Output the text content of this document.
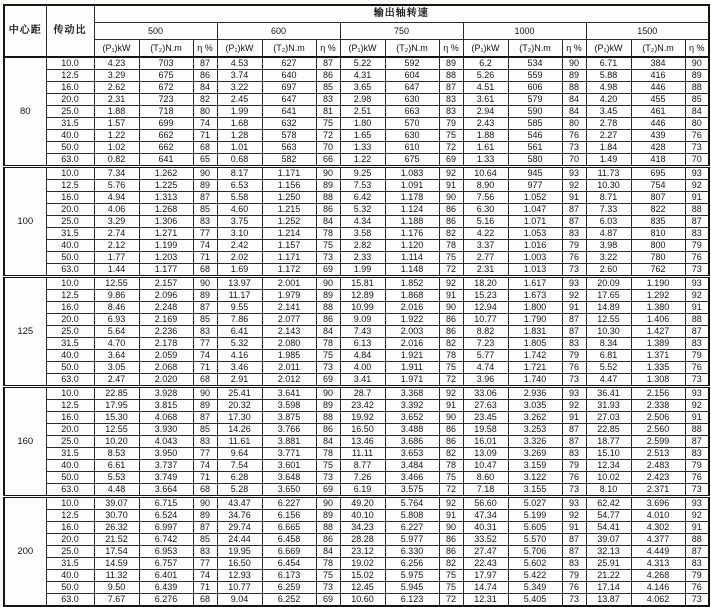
中心距	传动比	输出轴转速														
		500			600			750			1000			1500		
		(P₁)kW	(T₂)N.m	η %	(P₁)kW	(T₂)N.m	η %	(P₁)kW	(T₂)N.m	η %	(P₁)kW	(T₂)N.m	η %	(P₁)kW	(T₂)N.m	η %
80	10.0	4.23	703	87	4.53	627	87	5.22	592	89	6.2	534	90	6.71	384	90
	12.5	3.29	675	86	3.74	640	86	4.31	604	88	5.26	559	89	5.88	416	89
	16.0	2.62	672	84	3.22	697	85	3.65	647	87	4.51	606	88	4.98	446	88
	20.0	2.31	723	82	2.45	647	83	2.98	630	83	3.61	579	84	4.20	455	85
	25.0	1.88	718	80	1.99	641	81	2.51	663	83	2.94	590	84	3.45	461	84
	31.5	1.57	699	74	1.68	632	75	1.80	570	79	2.43	585	80	2.78	446	80
	40.0	1.22	662	71	1.28	578	72	1.65	630	75	1.88	546	76	2.27	439	76
	50.0	1.02	662	68	1.01	563	70	1.33	610	72	1.61	561	73	1.84	428	73
	63.0	0.82	641	65	0.68	582	66	1.22	675	69	1.33	580	70	1.49	418	70
100	10.0	7.34	1.262	90	8.17	1.171	90	9.25	1.083	92	10.64	945	93	11.73	695	93
	12.5	5.76	1.225	89	6.53	1.156	89	7.53	1.091	91	8.90	977	92	10.30	754	92
	16.0	4.94	1.313	87	5.58	1.250	88	6.42	1.178	90	7.56	1.052	91	8.71	807	91
	20.0	4.06	1.268	85	4.60	1.215	86	5.32	1.124	86	6.30	1.047	87	7.33	822	88
	25.0	3.29	1.306	83	3.75	1.252	84	4.34	1.188	86	5.16	1.071	87	6.03	835	87
	31.5	2.74	1.271	77	3.10	1.214	78	3.58	1.176	82	4.22	1.053	83	4.87	810	83
	40.0	2.12	1.199	74	2.42	1.157	75	2.82	1.120	78	3.37	1.016	79	3.98	800	79
	50.0	1.77	1.203	71	2.02	1.171	73	2.33	1.114	75	2.77	1.003	76	3.22	780	76
	63.0	1.44	1.177	68	1.69	1.172	69	1.99	1.148	72	2.31	1.013	73	2.60	762	73
125	10.0	12.55	2.157	90	13.97	2.001	90	15.81	1.852	92	18.20	1.617	93	20.09	1.190	93
	12.5	9.86	2.096	89	11.17	1.979	89	12.89	1.868	91	15.23	1.673	92	17.65	1.292	92
	16.0	8.46	2.248	87	9.55	2.141	88	10.99	2.016	90	12.94	1.800	91	14.89	1.380	91
	20.0	6.93	2.169	85	7.86	2.077	86	9.09	1.922	86	10.77	1.790	87	12.55	1.406	88
	25.0	5.64	2.236	83	6.41	2.143	84	7.43	2.003	86	8.82	1.831	87	10.30	1.427	87
	31.5	4.70	2.178	77	5.32	2.080	78	6.13	2.016	82	7.23	1.805	83	8.34	1.389	83
	40.0	3.64	2.059	74	4.16	1.985	75	4.84	1.921	78	5.77	1.742	79	6.81	1.371	79
	50.0	3.05	2.068	71	3.46	2.011	73	4.00	1.911	75	4.74	1.721	76	5.52	1.335	76
	63.0	2.47	2.020	68	2.91	2.012	69	3.41	1.971	72	3.96	1.740	73	4.47	1.308	73
160	10.0	22.85	3.928	90	25.41	3.641	90	28.7	3.368	92	33.06	2.936	93	36.41	2.156	93
	12.5	17.95	3.815	89	20.32	3.598	89	23.42	3.392	91	27.63	3.035	92	31.93	2.338	92
	16.0	15.30	4.068	87	17.30	3.875	88	19.92	3.652	90	23.45	3.262	91	27.03	2.506	91
	20.0	12.55	3.930	85	14.26	3.766	86	16.50	3.488	86	19.58	3.253	87	22.85	2.560	88
	25.0	10.20	4.043	83	11.61	3.881	84	13.46	3.686	86	16.01	3.326	87	18.77	2.599	87
	31.5	8.53	3.950	77	9.64	3.771	78	11.11	3.653	82	13.09	3.269	83	15.10	2.513	83
	40.0	6.61	3.737	74	7.54	3.601	75	8.77	3.484	78	10.47	3.159	79	12.34	2.483	79
	50.0	5.53	3.749	71	6.28	3.648	73	7.26	3.466	75	8.60	3.122	76	10.02	2.423	76
	63.0	4.48	3.664	68	5.28	3.650	69	6.19	3.575	72	7.18	3.155	73	8.10	2.371	73
200	10.0	39.07	6.715	90	43.47	6.227	90	49.20	5.764	92	56.60	5.027	93	62.42	3.696	93
	12.5	30.70	6.524	89	34.76	6.156	89	40.10	5.808	91	47.34	5.199	92	54.77	4.010	92
	16.0	26.32	6.997	87	29.74	6.665	88	34.23	6.227	90	40.31	5.605	91	54.41	4.302	91
	20.0	21.52	6.742	85	24.44	6.458	86	28.28	5.977	86	33.52	5.570	87	39.07	4.377	88
	25.0	17.54	6.953	83	19.95	6.669	84	23.12	6.330	86	27.47	5.706	87	32.13	4.449	87
	31.5	14.59	6.757	77	16.50	6.454	78	19.02	6.256	82	22.43	5.602	83	25.91	4.313	83
	40.0	11.32	6.401	74	12.93	6.173	75	15.02	5.975	75	17.97	5.422	79	21.22	4.268	79
	50.0	9.50	6.439	71	10.77	6.259	73	12.45	5.945	75	14.74	5.349	76	17.14	4.146	76
	63.0	7.67	6.276	68	9.04	6.252	69	10.60	6.123	72	12.31	5.405	73	13.87	4.062	73
